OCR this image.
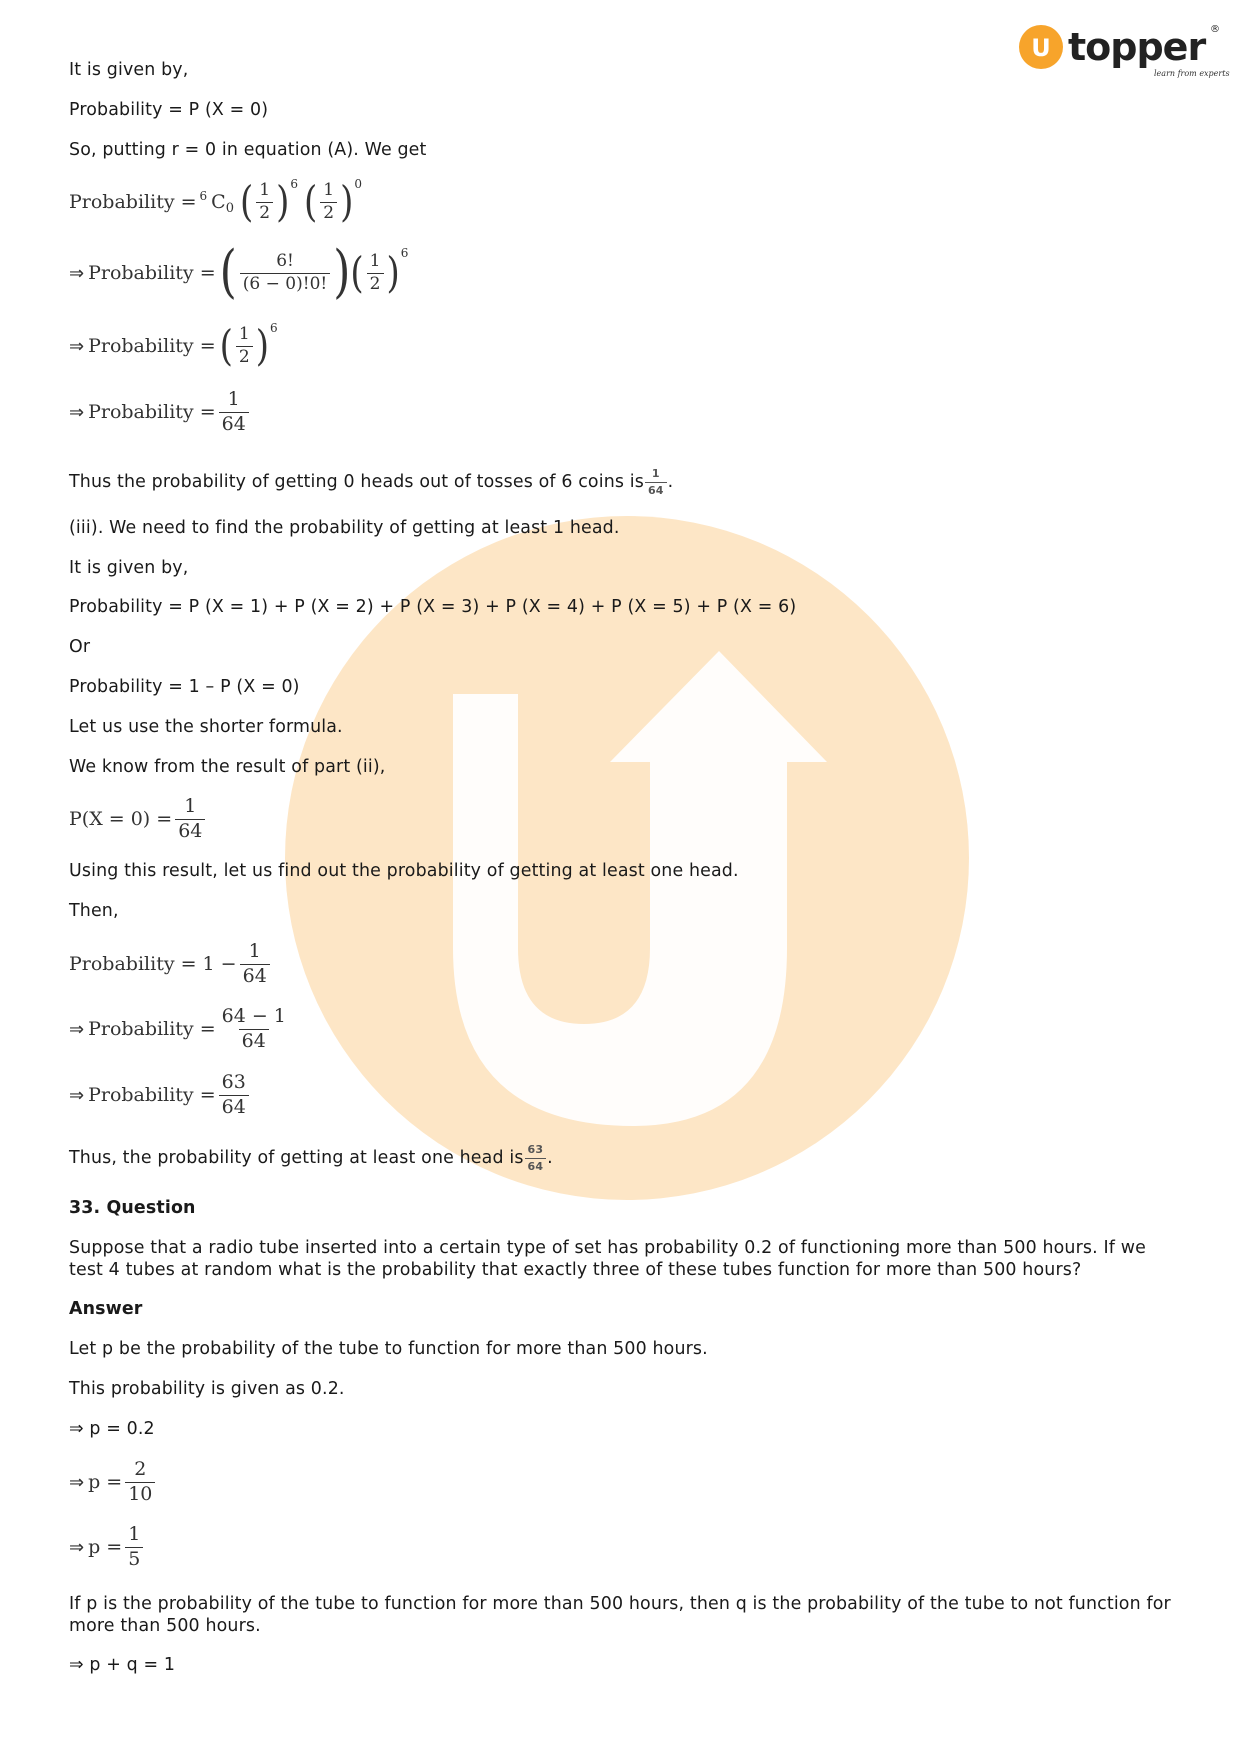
U topper ®
learn from experts
It is given by,
Probability = P (X = 0)
So, putting r = 0 in equation (A). We get
Probability = 6 C 0 ( $\frac{1}{2}$ ) 6 ( $\frac{1}{2}$ ) 0
⇒ Probability = ( $\frac{6!}{(6 - 0)!0!}$ ) ( $\frac{1}{2}$ ) 6
⇒ Probability = ( $\frac{1}{2}$ ) 6
⇒ Probability = $\frac{1}{64}$
Thus the probability of getting 0 heads out of tosses of 6 coins is $\frac{1}{64}$ .
(iii). We need to find the probability of getting at least 1 head.
It is given by,
Probability = P (X = 1) + P (X = 2) + P (X = 3) + P (X = 4) + P (X = 5) + P (X = 6)
Or
Probability = 1 – P (X = 0)
Let us use the shorter formula.
We know from the result of part (ii),
$P(X = 0) = \frac{1}{64}$
Using this result, let us find out the probability of getting at least one head.
Then,
Probability = $1 - \frac{1}{64}$
⇒ Probability = $\frac{64 - 1}{64}$
⇒ Probability = $\frac{63}{64}$
Thus, the probability of getting at least one head is $\frac{63}{64}$ .
33. Question
Suppose that a radio tube inserted into a certain type of set has probability 0.2 of functioning more than 500 hours. If we test 4 tubes at random what is the probability that exactly three of these tubes function for more than 500 hours?
Answer
Let p be the probability of the tube to function for more than 500 hours.
This probability is given as 0.2.
⇒ p = 0.2
⇒ $p = \frac{2}{10}$
⇒ $p = \frac{1}{5}$
If p is the probability of the tube to function for more than 500 hours, then q is the probability of the tube to not function for more than 500 hours.
⇒ p + q = 1
